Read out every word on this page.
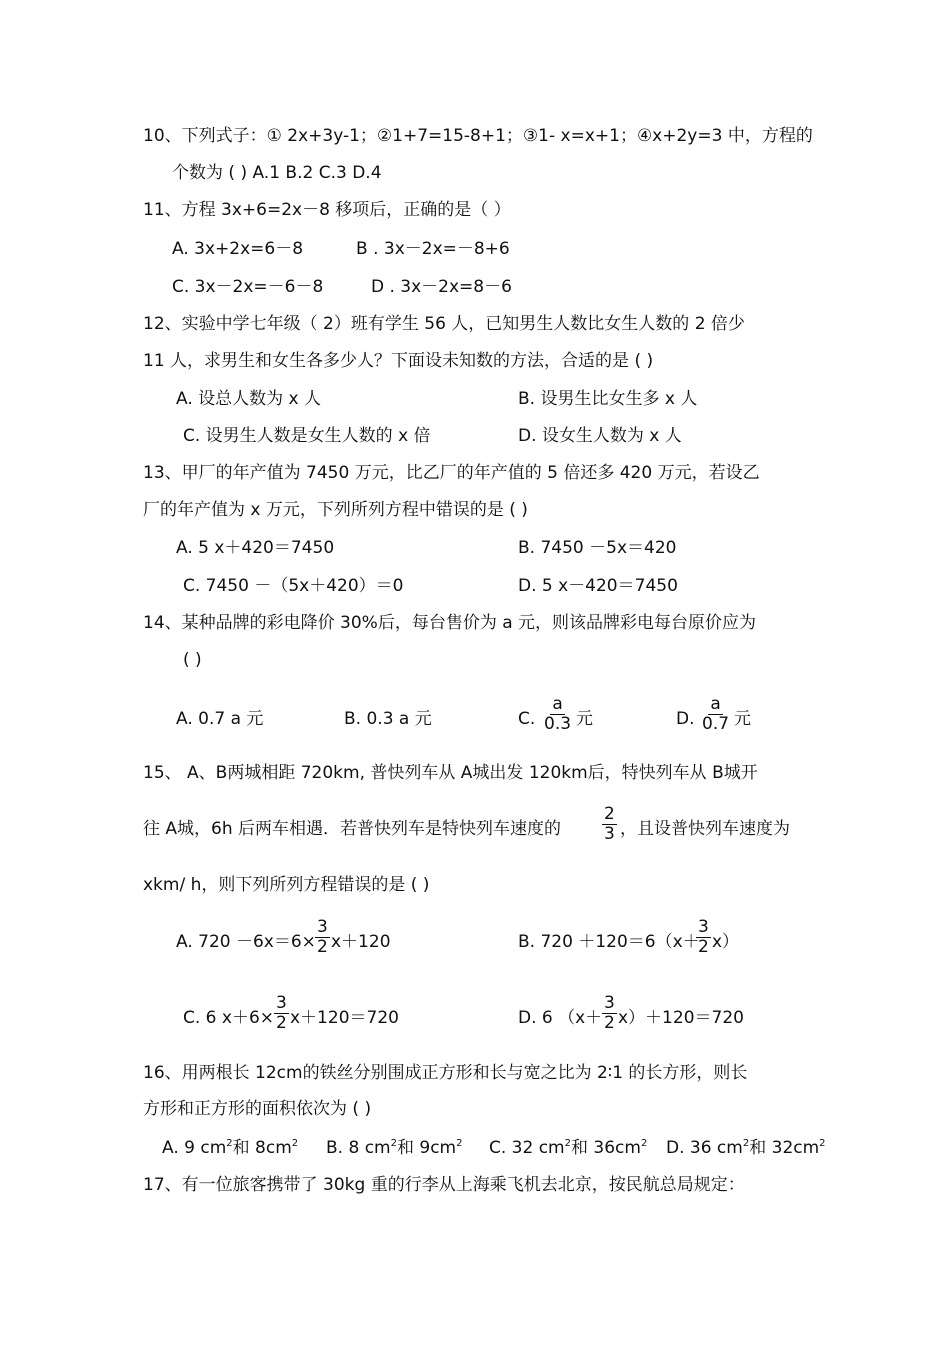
10、下列式子：① 2x+3y-1；②1+7=15-8+1；③1- x=x+1；④x+2y=3 中，方程的
个数为 ( ) A.1 B.2 C.3 D.4
11、方程 3x+6=2x－8 移项后，正确的是（ ）
A. 3x+2x=6－8	B . 3x－2x=－8+6
C. 3x－2x=－6－8	D . 3x－2x=8－6
12、实验中学七年级（ 2）班有学生 56 人，已知男生人数比女生人数的 2 倍少
11 人，求男生和女生各多少人？下面设未知数的方法，合适的是 ( )
A. 设总人数为 x 人	B. 设男生比女生多 x 人
C. 设男生人数是女生人数的 x 倍	D. 设女生人数为 x 人
13、甲厂的年产值为 7450 万元，比乙厂的年产值的 5 倍还多 420 万元，若设乙
厂的年产值为 x 万元，下列所列方程中错误的是 ( )
A. 5 x＋420＝7450	B. 7450 －5x＝420
C. 7450 －（5x＋420）＝0	D. 5 x－420＝7450
14、某种品牌的彩电降价 30%后，每台售价为 a 元，则该品牌彩电每台原价应为
( )
A. 0.7 a 元	B. 0.3 a 元	C. $\frac{a}{0.3}$ 元	D. $\frac{a}{0.7}$ 元
15、 A、B两城相距 720km, 普快列车从 A城出发 120km后，特快列车从 B城开
往 A城，6h 后两车相遇．若普快列车是特快列车速度的 $\frac{2}{3}$ ，且设普快列车速度为
xkm/ h，则下列所列方程错误的是 ( )
A. $720 -6x=6\times \frac{3}{2} x+120$	B. 720 ＋120＝6（x＋
$\frac{3}{2} x$）
C. 6 $x+6\times \frac{3}{2} x+120=720$	D. 6 $(x+ \frac{3}{2} x)+120=720$
16、用两根长 12cm的铁丝分别围成正方形和长与宽之比为 2∶1 的长方形，则长
方形和正方形的面积依次为 ( )
A. 9 $cm^2$和 $8cm^2$ B. 8 $cm^2$和 $9cm^2$ C. 32 $cm^2$和 $36cm^2$ D. 36 $cm^2$和 $32cm^2$
17、有一位旅客携带了 30kg 重的行李从上海乘飞机去北京，按民航总局规定：
